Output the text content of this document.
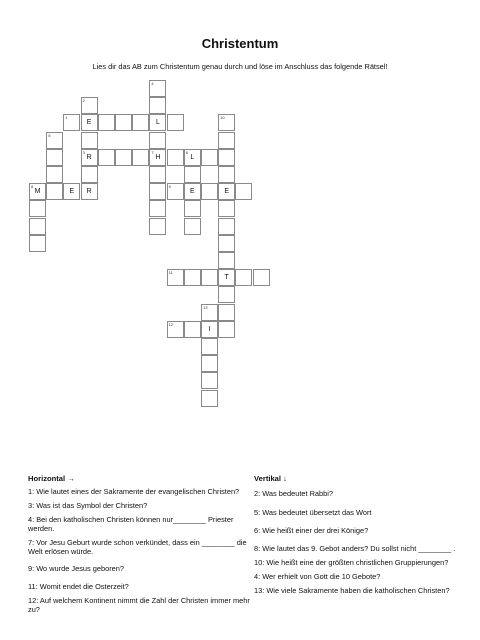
Christentum
Lies dir das AB zum Christentum genau durch und löse im Anschluss das folgende Rätsel!
4
2
1
E	L
10
5
3
R
7
H
6
L
8
M	E	R
9
E	E
11
T
13
12
I
Horizontal →
1: Wie lautet eines der Sakramente der evangelischen Christen?
3: Was ist das Symbol der Christen?
4: Bei den katholischen Christen können nur________ Priester werden.
7: Vor Jesu Geburt wurde schon verkündet, dass ein ________ die Welt erlösen würde.
9: Wo wurde Jesus geboren?
11: Womit endet die Osterzeit?
12: Auf welchem Kontinent nimmt die Zahl der Christen immer mehr zu?
Vertikal ↓
2: Was bedeutet Rabbi?
5: Was bedeutet übersetzt das Wort
6: Wie heißt einer der drei Könige?
8: Wie lautet das 9. Gebot anders? Du sollst nicht ________ .
10: Wie heißt eine der größten christlichen Gruppierungen?
4: Wer erhielt von Gott die 10 Gebote?
13: Wie viele Sakramente haben die katholischen Christen?
